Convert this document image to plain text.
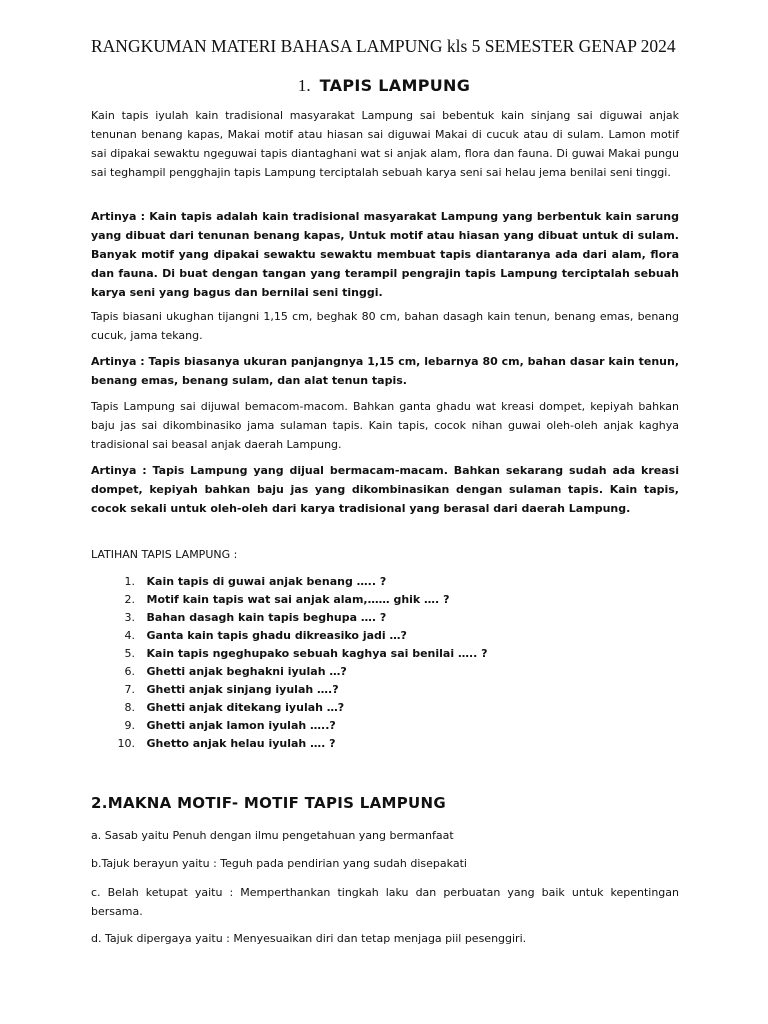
RANGKUMAN MATERI BAHASA LAMPUNG kls 5 SEMESTER GENAP 2024
1. TAPIS LAMPUNG

Kain tapis iyulah kain tradisional masyarakat Lampung sai bebentuk kain sinjang sai diguwai anjak tenunan benang kapas, Makai motif atau hiasan sai diguwai Makai di cucuk atau di sulam. Lamon motif sai dipakai sewaktu ngeguwai tapis diantaghani wat si anjak alam, flora dan fauna. Di guwai Makai pungu sai teghampil pengghajin tapis Lampung terciptalah sebuah karya seni sai helau jema benilai seni tinggi.

Artinya : Kain tapis adalah kain tradisional masyarakat Lampung yang berbentuk kain sarung yang dibuat dari tenunan benang kapas, Untuk motif atau hiasan yang dibuat untuk di sulam. Banyak motif yang dipakai sewaktu sewaktu membuat tapis diantaranya ada dari alam, flora dan fauna. Di buat dengan tangan yang terampil pengrajin tapis Lampung terciptalah sebuah karya seni yang bagus dan bernilai seni tinggi.

Tapis biasani ukughan tijangni 1,15 cm, beghak 80 cm, bahan dasagh kain tenun, benang emas, benang cucuk, jama tekang.

Artinya : Tapis biasanya ukuran panjangnya 1,15 cm, lebarnya 80 cm, bahan dasar kain tenun, benang emas, benang sulam, dan alat tenun tapis.

Tapis Lampung sai dijuwal bemacom-macom. Bahkan ganta ghadu wat kreasi dompet, kepiyah bahkan baju jas sai dikombinasiko jama sulaman tapis. Kain tapis, cocok nihan guwai oleh-oleh anjak kaghya tradisional sai beasal anjak daerah Lampung.

Artinya : Tapis Lampung yang dijual bermacam-macam. Bahkan sekarang sudah ada kreasi dompet, kepiyah bahkan baju jas yang dikombinasikan dengan sulaman tapis. Kain tapis, cocok sekali untuk oleh-oleh dari karya tradisional yang berasal dari daerah Lampung.

LATIHAN TAPIS LAMPUNG :
1. Kain tapis di guwai anjak benang ….. ?
2. Motif kain tapis wat sai anjak alam,…… ghik …. ?
3. Bahan dasagh kain tapis beghupa …. ?
4. Ganta kain tapis ghadu dikreasiko jadi …?
5. Kain tapis ngeghupako sebuah kaghya sai benilai ….. ?
6. Ghetti anjak beghakni iyulah …?
7. Ghetti anjak sinjang iyulah ….?
8. Ghetti anjak ditekang iyulah …?
9. Ghetti anjak lamon iyulah …..?
10. Ghetto anjak helau iyulah …. ?
2.MAKNA MOTIF- MOTIF TAPIS LAMPUNG

a. Sasab yaitu Penuh dengan ilmu pengetahuan yang bermanfaat

b.Tajuk berayun yaitu : Teguh pada pendirian yang sudah disepakati

c. Belah ketupat yaitu : Memperthankan tingkah laku dan perbuatan yang baik untuk kepentingan bersama.

d. Tajuk dipergaya yaitu : Menyesuaikan diri dan tetap menjaga piil pesenggiri.
